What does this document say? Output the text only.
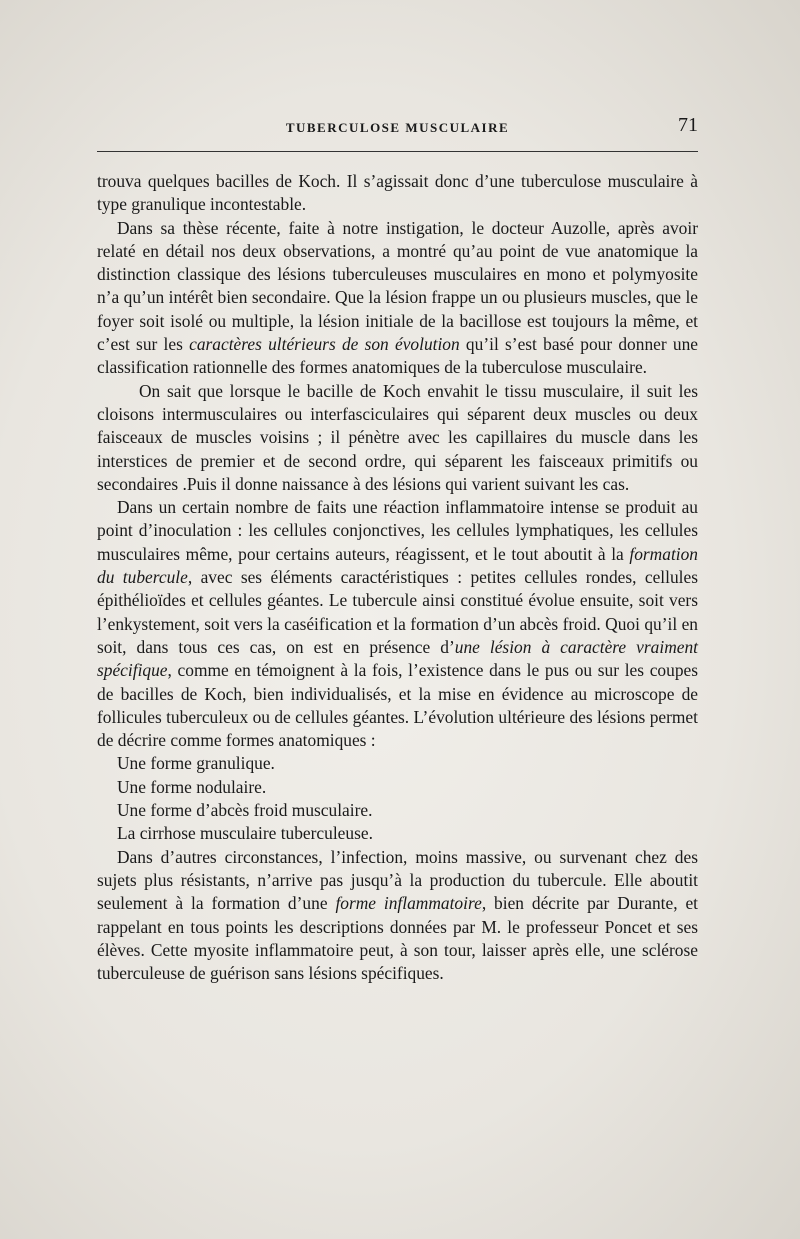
TUBERCULOSE MUSCULAIRE	71

trouva quelques bacilles de Koch. Il s’agissait donc d’une tuberculose musculaire à type granulique incontestable.

Dans sa thèse récente, faite à notre instigation, le docteur Auzolle, après avoir relaté en détail nos deux observations, a montré qu’au point de vue anatomique la distinction classique des lésions tuberculeuses musculaires en mono et polymyosite n’a qu’un intérêt bien secondaire. Que la lésion frappe un ou plusieurs muscles, que le foyer soit isolé ou multiple, la lésion initiale de la bacillose est toujours la même, et c’est sur les caractères ultérieurs de son évolution qu’il s’est basé pour donner une classification rationnelle des formes anatomiques de la tuberculose musculaire.

On sait que lorsque le bacille de Koch envahit le tissu musculaire, il suit les cloisons intermusculaires ou interfasciculaires qui séparent deux muscles ou deux faisceaux de muscles voisins ; il pénètre avec les capillaires du muscle dans les interstices de premier et de second ordre, qui séparent les faisceaux primitifs ou secondaires .Puis il donne naissance à des lésions qui varient suivant les cas.

Dans un certain nombre de faits une réaction inflammatoire intense se produit au point d’inoculation : les cellules conjonctives, les cellules lymphatiques, les cellules musculaires même, pour certains auteurs, réagissent, et le tout aboutit à la formation du tubercule, avec ses éléments caractéristiques : petites cellules rondes, cellules épithélioïdes et cellules géantes. Le tubercule ainsi constitué évolue ensuite, soit vers l’enkystement, soit vers la caséification et la formation d’un abcès froid. Quoi qu’il en soit, dans tous ces cas, on est en présence d’une lésion à caractère vraiment spécifique, comme en témoignent à la fois, l’existence dans le pus ou sur les coupes de bacilles de Koch, bien individualisés, et la mise en évidence au microscope de follicules tuberculeux ou de cellules géantes. L’évolution ultérieure des lésions permet de décrire comme formes anatomiques :

Une forme granulique.

Une forme nodulaire.

Une forme d’abcès froid musculaire.

La cirrhose musculaire tuberculeuse.

Dans d’autres circonstances, l’infection, moins massive, ou survenant chez des sujets plus résistants, n’arrive pas jusqu’à la production du tubercule. Elle aboutit seulement à la formation d’une forme inflammatoire, bien décrite par Durante, et rappelant en tous points les descriptions données par M. le professeur Poncet et ses élèves. Cette myosite inflammatoire peut, à son tour, laisser après elle, une sclérose tuberculeuse de guérison sans lésions spécifiques.
